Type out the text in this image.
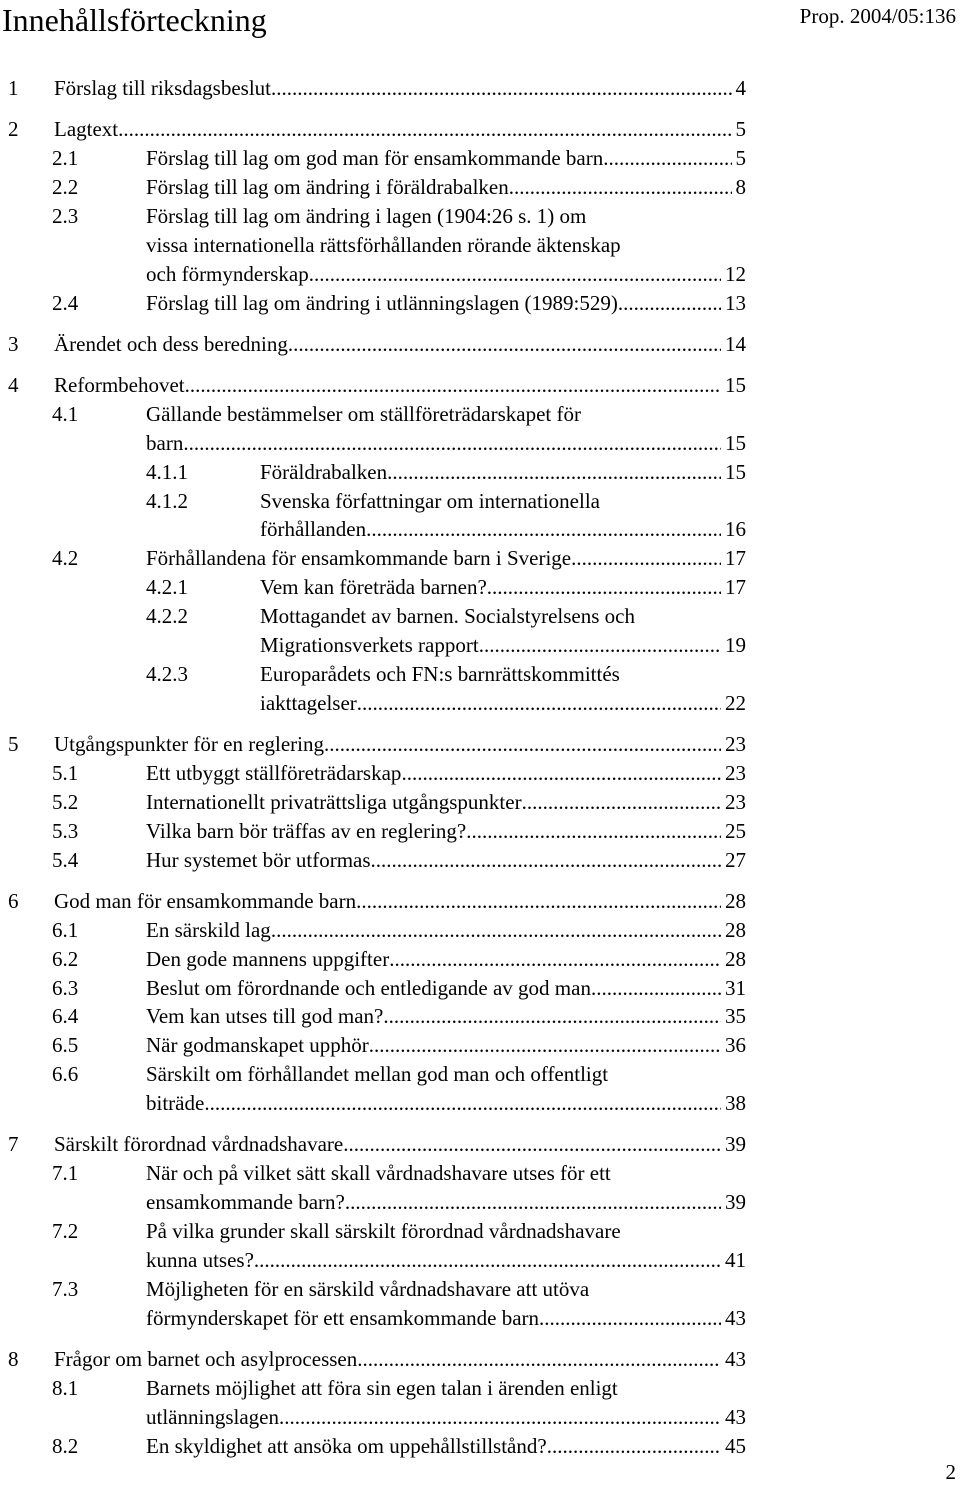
Innehållsförteckning	Prop. 2004/05:136
1 Förslag till riksdagsbeslut .....	4
2 Lagtext .....	5
2.1	Förslag till lag om god man för ensamkommande barn .....	5
2.2	Förslag till lag om ändring i föräldrabalken .....	8
2.3	Förslag till lag om ändring i lagen (1904:26 s. 1) om
vissa internationella rättsförhållanden rörande äktenskap
och förmynderskap .....	12
2.4	Förslag till lag om ändring i utlänningslagen (1989:529). .....	13
3 Ärendet och dess beredning .....	14
4 Reformbehovet .....	15
4.1	Gällande bestämmelser om ställföreträdarskapet för
barn .....	15
4.1.1	Föräldrabalken .....	15
4.1.2	Svenska författningar om internationella
förhållanden .....	16
4.2	Förhållandena för ensamkommande barn i Sverige .....	17
4.2.1	Vem kan företräda barnen? .....	17
4.2.2	Mottagandet av barnen. Socialstyrelsens och
Migrationsverkets rapport .....	19
4.2.3	Europarådets och FN:s barnrättskommittés
iakttagelser .....	22
5 Utgångspunkter för en reglering .....	23
5.1	Ett utbyggt ställföreträdarskap .....	23
5.2	Internationellt privaträttsliga utgångspunkter .....	23
5.3	Vilka barn bör träffas av en reglering? .....	25
5.4	Hur systemet bör utformas .....	27
6 God man för ensamkommande barn .....	28
6.1	En särskild lag .....	28
6.2	Den gode mannens uppgifter .....	28
6.3	Beslut om förordnande och entledigande av god man .....	31
6.4	Vem kan utses till god man? .....	35
6.5	När godmanskapet upphör .....	36
6.6	Särskilt om förhållandet mellan god man och offentligt
biträde .....	38
7 Särskilt förordnad vårdnadshavare .....	39
7.1	När och på vilket sätt skall vårdnadshavare utses för ett
ensamkommande barn? .....	39
7.2	På vilka grunder skall särskilt förordnad vårdnadshavare
kunna utses? .....	41
7.3	Möjligheten för en särskild vårdnadshavare att utöva
förmynderskapet för ett ensamkommande barn .....	43
8 Frågor om barnet och asylprocessen .....	43
8.1	Barnets möjlighet att föra sin egen talan i ärenden enligt
utlänningslagen .....	43
8.2	En skyldighet att ansöka om uppehållstillstånd? .....	45
2
